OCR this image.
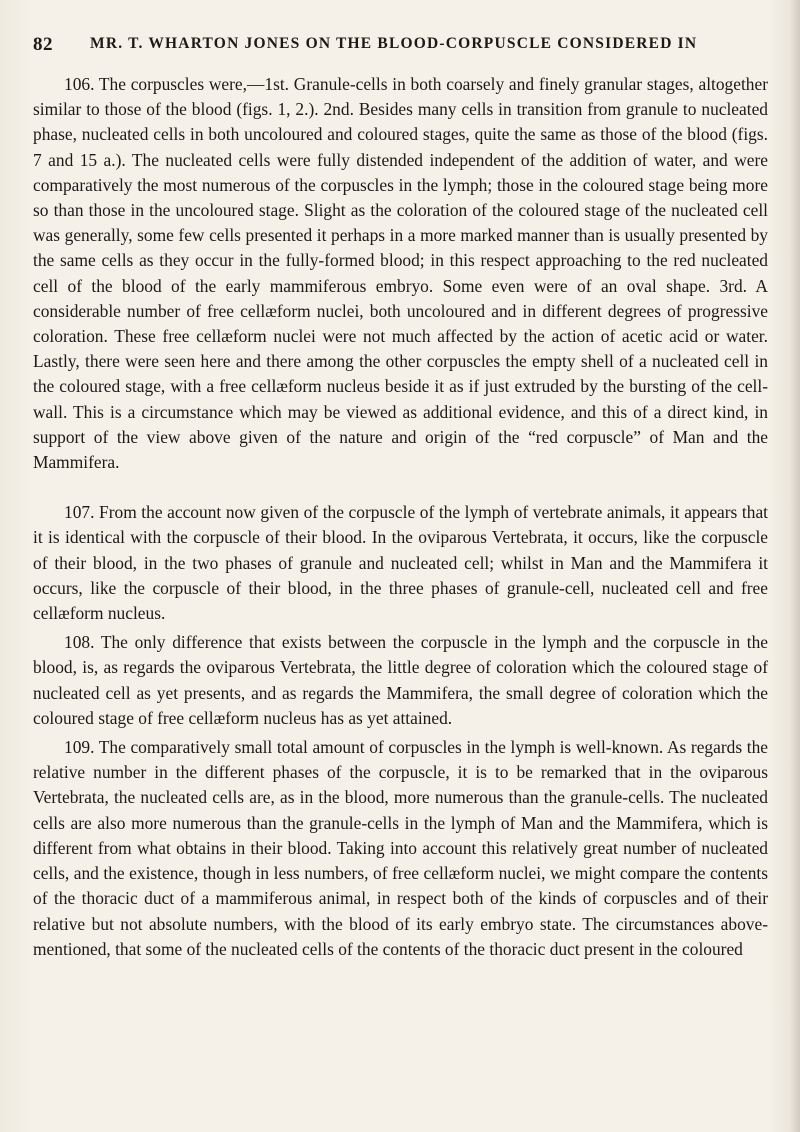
82 MR. T. WHARTON JONES ON THE BLOOD-CORPUSCLE CONSIDERED IN

106. The corpuscles were,—1st. Granule-cells in both coarsely and finely granular stages, altogether similar to those of the blood (figs. 1, 2.). 2nd. Besides many cells in transition from granule to nucleated phase, nucleated cells in both uncoloured and coloured stages, quite the same as those of the blood (figs. 7 and 15 a.). The nucleated cells were fully distended independent of the addition of water, and were comparatively the most numerous of the corpuscles in the lymph; those in the coloured stage being more so than those in the uncoloured stage. Slight as the coloration of the coloured stage of the nucleated cell was generally, some few cells presented it perhaps in a more marked manner than is usually presented by the same cells as they occur in the fully-formed blood; in this respect approaching to the red nucleated cell of the blood of the early mammiferous embryo. Some even were of an oval shape. 3rd. A considerable number of free cellæform nuclei, both uncoloured and in different degrees of progressive coloration. These free cellæform nuclei were not much affected by the action of acetic acid or water. Lastly, there were seen here and there among the other corpuscles the empty shell of a nucleated cell in the coloured stage, with a free cellæform nucleus beside it as if just extruded by the bursting of the cell-wall. This is a circumstance which may be viewed as additional evidence, and this of a direct kind, in support of the view above given of the nature and origin of the “red corpuscle” of Man and the Mammifera.

107. From the account now given of the corpuscle of the lymph of vertebrate animals, it appears that it is identical with the corpuscle of their blood. In the oviparous Vertebrata, it occurs, like the corpuscle of their blood, in the two phases of granule and nucleated cell; whilst in Man and the Mammifera it occurs, like the corpuscle of their blood, in the three phases of granule-cell, nucleated cell and free cellæform nucleus.

108. The only difference that exists between the corpuscle in the lymph and the corpuscle in the blood, is, as regards the oviparous Vertebrata, the little degree of coloration which the coloured stage of nucleated cell as yet presents, and as regards the Mammifera, the small degree of coloration which the coloured stage of free cellæform nucleus has as yet attained.

109. The comparatively small total amount of corpuscles in the lymph is well-known. As regards the relative number in the different phases of the corpuscle, it is to be remarked that in the oviparous Vertebrata, the nucleated cells are, as in the blood, more numerous than the granule-cells. The nucleated cells are also more numerous than the granule-cells in the lymph of Man and the Mammifera, which is different from what obtains in their blood. Taking into account this relatively great number of nucleated cells, and the existence, though in less numbers, of free cellæform nuclei, we might compare the contents of the thoracic duct of a mammiferous animal, in respect both of the kinds of corpuscles and of their relative but not absolute numbers, with the blood of its early embryo state. The circumstances above-mentioned, that some of the nucleated cells of the contents of the thoracic duct present in the coloured
